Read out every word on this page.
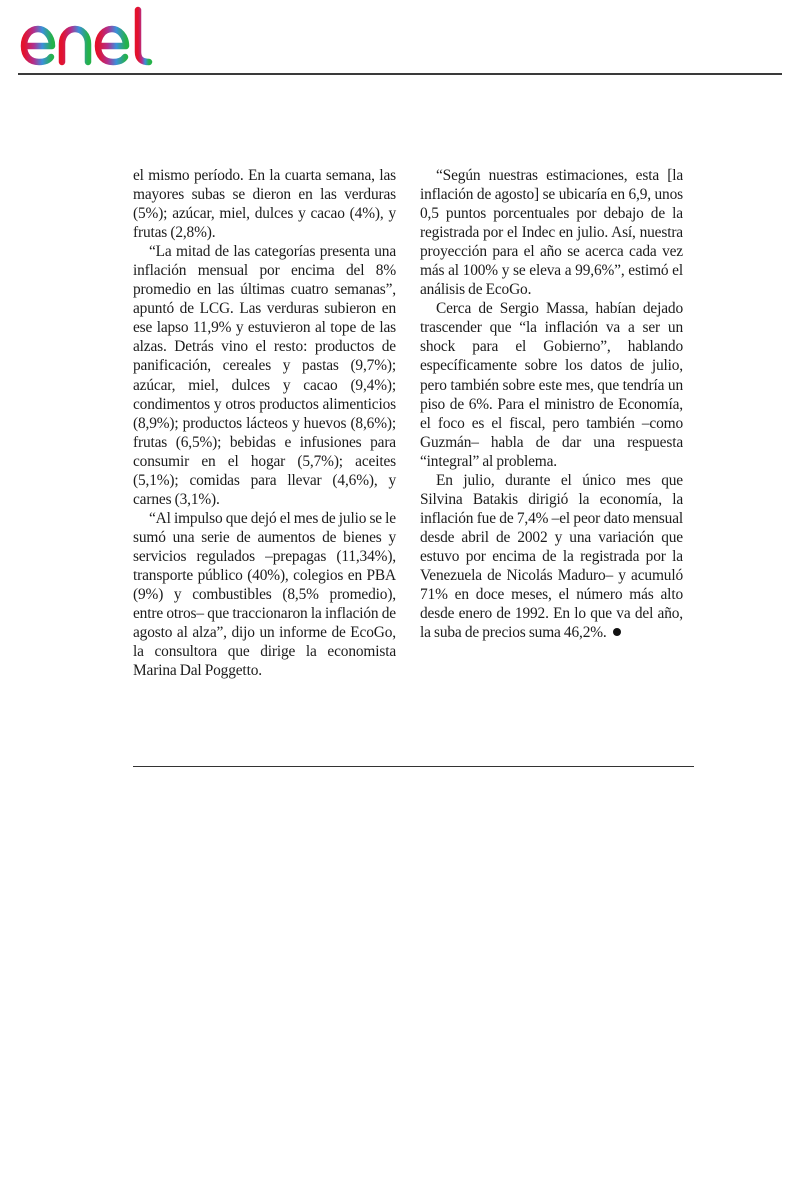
el mismo período. En la cuarta semana, las mayores subas se dieron en las verduras (5%); azúcar, miel, dulces y cacao (4%), y frutas (2,8%).

“La mitad de las categorías presenta una inflación mensual por encima del 8% promedio en las últimas cuatro semanas”, apuntó de LCG. Las verduras subieron en ese lapso 11,9% y estuvieron al tope de las alzas. Detrás vino el resto: productos de panificación, cereales y pastas (9,7%); azúcar, miel, dulces y cacao (9,4%); condimentos y otros productos alimenticios (8,9%); productos lácteos y huevos (8,6%); frutas (6,5%); bebidas e infusiones para consumir en el hogar (5,7%); aceites (5,1%); comidas para llevar (4,6%), y carnes (3,1%).

“Al impulso que dejó el mes de julio se le sumó una serie de aumentos de bienes y servicios regulados –prepagas (11,34%), transporte público (40%), colegios en PBA (9%) y combustibles (8,5% promedio), entre otros– que traccionaron la inflación de agosto al alza”, dijo un informe de EcoGo, la consultora que dirige la economista Marina Dal Poggetto.

“Según nuestras estimaciones, esta [la inflación de agosto] se ubicaría en 6,9, unos 0,5 puntos porcentuales por debajo de la registrada por el Indec en julio. Así, nuestra proyección para el año se acerca cada vez más al 100% y se eleva a 99,6%”, estimó el análisis de EcoGo.

Cerca de Sergio Massa, habían dejado trascender que “la inflación va a ser un shock para el Gobierno”, hablando específicamente sobre los datos de julio, pero también sobre este mes, que tendría un piso de 6%. Para el ministro de Economía, el foco es el fiscal, pero también –como Guzmán– habla de dar una respuesta “integral” al problema.

En julio, durante el único mes que Silvina Batakis dirigió la economía, la inflación fue de 7,4% –el peor dato mensual desde abril de 2002 y una variación que estuvo por encima de la registrada por la Venezuela de Nicolás Maduro– y acumuló 71% en doce meses, el número más alto desde enero de 1992. En lo que va del año, la suba de precios suma 46,2%.
